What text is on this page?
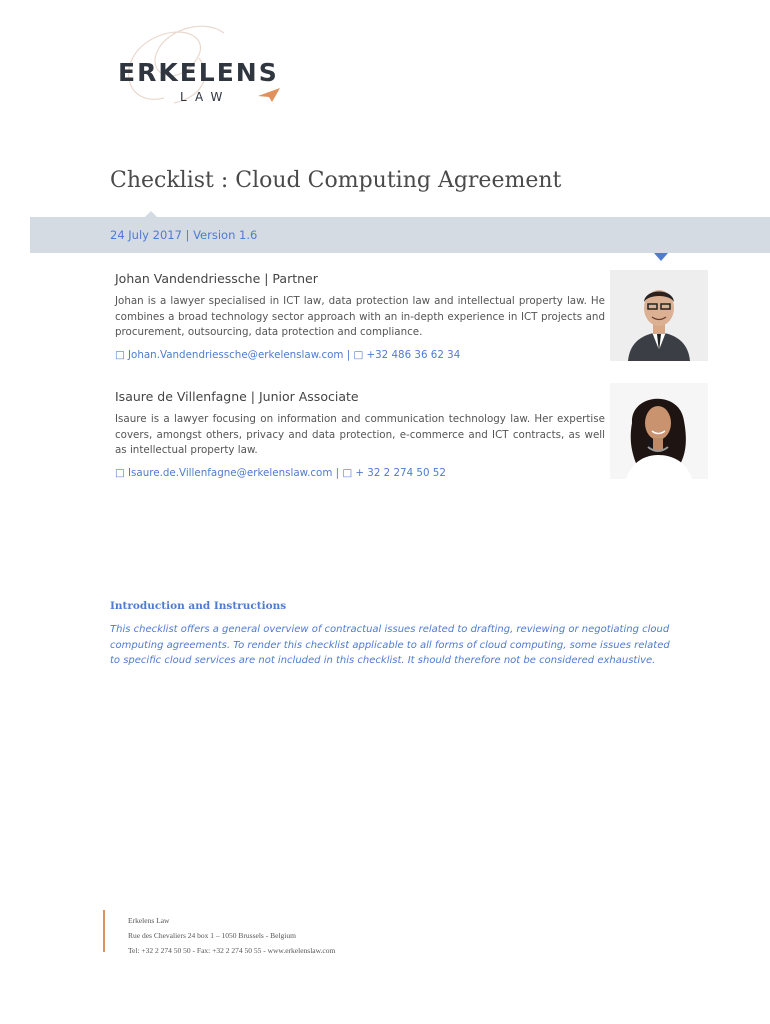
ERKELENS
LAW
Checklist : Cloud Computing Agreement
24 July 2017 | Version 1.6
Johan Vandendriessche | Partner
Johan is a lawyer specialised in ICT law, data protection law and intellectual property law. He combines a broad technology sector approach with an in-depth experience in ICT projects and procurement, outsourcing, data protection and compliance.
□ Johan.Vandendriessche@erkelenslaw.com | □ +32 486 36 62 34
Isaure de Villenfagne | Junior Associate
Isaure is a lawyer focusing on information and communication technology law. Her expertise covers, amongst others, privacy and data protection, e-commerce and ICT contracts, as well as intellectual property law.
□ Isaure.de.Villenfagne@erkelenslaw.com | □ + 32 2 274 50 52
Introduction and Instructions
This checklist offers a general overview of contractual issues related to drafting, reviewing or negotiating cloud computing agreements. To render this checklist applicable to all forms of cloud computing, some issues related to specific cloud services are not included in this checklist. It should therefore not be considered exhaustive.
Erkelens Law
Rue des Chevaliers 24 box 1 – 1050 Brussels - Belgium
Tel: +32 2 274 50 50 - Fax: +32 2 274 50 55 - www.erkelenslaw.com
